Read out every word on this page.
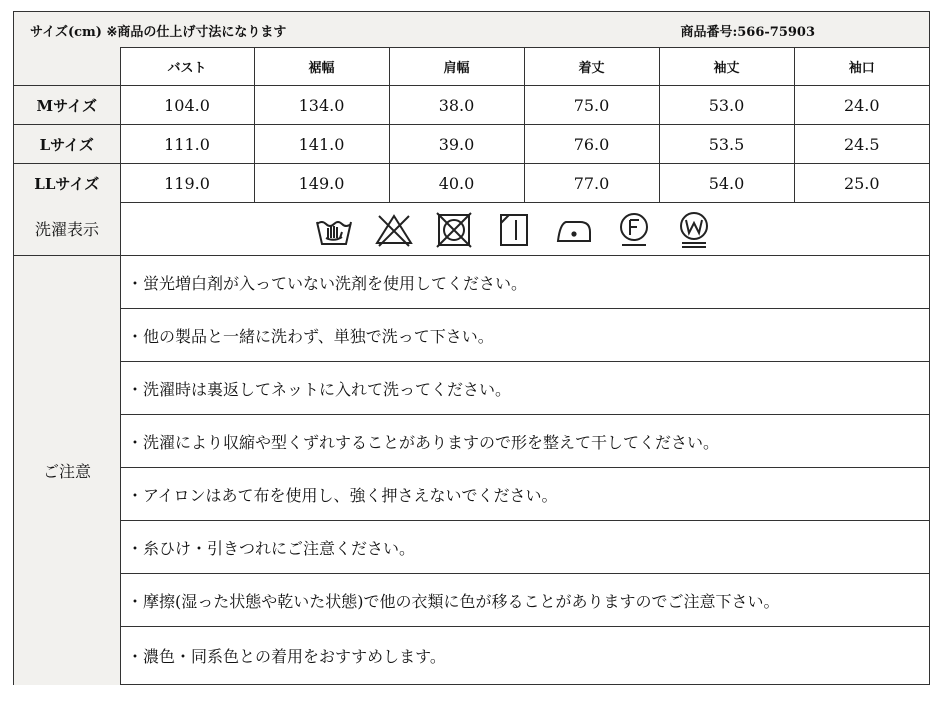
サイズ(cm) ※商品の仕上げ寸法になります	商品番号:566-75903
	バスト	裾幅	肩幅	着丈	袖丈	袖口
Mサイズ	104.0	134.0	38.0	75.0	53.0	24.0
Lサイズ	111.0	141.0	39.0	76.0	53.5	24.5
LLサイズ	119.0	149.0	40.0	77.0	54.0	25.0
洗濯表示
ご注意
・蛍光増白剤が入っていない洗剤を使用してください。
・他の製品と一緒に洗わず、単独で洗って下さい。
・洗濯時は裏返してネットに入れて洗ってください。
・洗濯により収縮や型くずれすることがありますので形を整えて干してください。
・アイロンはあて布を使用し、強く押さえないでください。
・糸ひけ・引きつれにご注意ください。
・摩擦(湿った状態や乾いた状態)で他の衣類に色が移ることがありますのでご注意下さい。
・濃色・同系色との着用をおすすめします。
